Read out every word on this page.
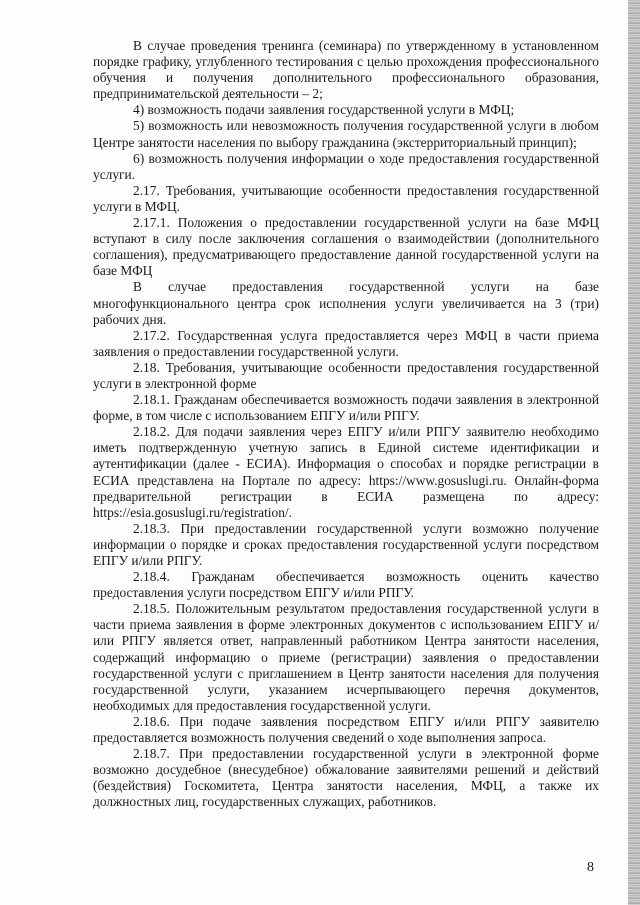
В случае проведения тренинга (семинара) по утвержденному в установленном порядке графику, углубленного тестирования с целью прохождения профессионального обучения и получения дополнительного профессионального образования, предпринимательской деятельности – 2;

4) возможность подачи заявления государственной услуги в МФЦ;

5) возможность или невозможность получения государственной услуги в любом Центре занятости населения по выбору гражданина (экстерриториальный принцип);

6) возможность получения информации о ходе предоставления государственной услуги.

2.17. Требования, учитывающие особенности предоставления государственной услуги в МФЦ.

2.17.1. Положения о предоставлении государственной услуги на базе МФЦ вступают в силу после заключения соглашения о взаимодействии (дополнительного соглашения), предусматривающего предоставление данной государственной услуги на базе МФЦ

В случае предоставления государственной услуги на базе многофункционального центра срок исполнения услуги увеличивается на 3 (три) рабочих дня.

2.17.2. Государственная услуга предоставляется через МФЦ в части приема заявления о предоставлении государственной услуги.

2.18. Требования, учитывающие особенности предоставления государственной услуги в электронной форме

2.18.1. Гражданам обеспечивается возможность подачи заявления в электронной форме, в том числе с использованием ЕПГУ и/или РПГУ.

2.18.2. Для подачи заявления через ЕПГУ и/или РПГУ заявителю необходимо иметь подтвержденную учетную запись в Единой системе идентификации и аутентификации (далее - ЕСИА). Информация о способах и порядке регистрации в ЕСИА представлена на Портале по адресу: https://www.gosuslugi.ru. Онлайн-форма предварительной регистрации в ЕСИА размещена по адресу: https://esia.gosuslugi.ru/registration/.

2.18.3. При предоставлении государственной услуги возможно получение информации о порядке и сроках предоставления государственной услуги посредством ЕПГУ и/или РПГУ.

2.18.4. Гражданам обеспечивается возможность оценить качество предоставления услуги посредством ЕПГУ и/или РПГУ.

2.18.5. Положительным результатом предоставления государственной услуги в части приема заявления в форме электронных документов с использованием ЕПГУ и/или РПГУ является ответ, направленный работником Центра занятости населения, содержащий информацию о приеме (регистрации) заявления о предоставлении государственной услуги с приглашением в Центр занятости населения для получения государственной услуги, указанием исчерпывающего перечня документов, необходимых для предоставления государственной услуги.

2.18.6. При подаче заявления посредством ЕПГУ и/или РПГУ заявителю предоставляется возможность получения сведений о ходе выполнения запроса.

2.18.7. При предоставлении государственной услуги в электронной форме возможно досудебное (внесудебное) обжалование заявителями решений и действий (бездействия) Госкомитета, Центра занятости населения, МФЦ, а также их должностных лиц, государственных служащих, работников.

8
